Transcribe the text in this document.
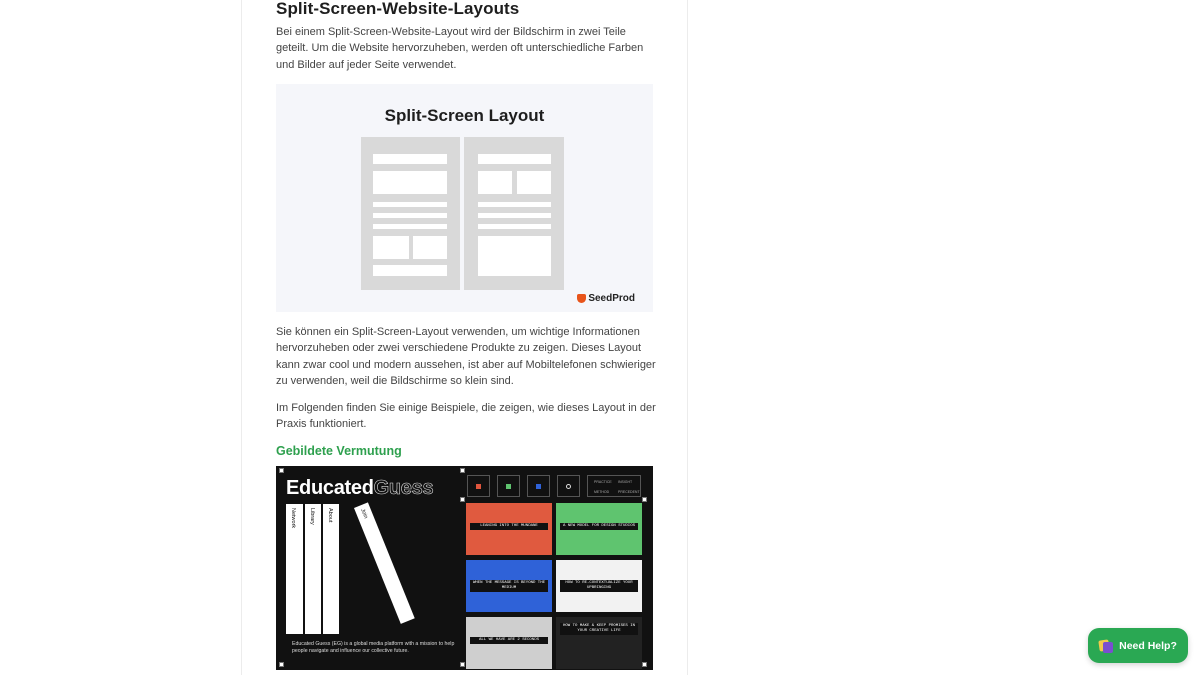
Split-Screen-Website-Layouts

Bei einem Split-Screen-Website-Layout wird der Bildschirm in zwei Teile geteilt. Um die Website hervorzuheben, werden oft unterschiedliche Farben und Bilder auf jeder Seite verwendet.

Split-Screen Layout
SeedProd

Sie können ein Split-Screen-Layout verwenden, um wichtige Informationen hervorzuheben oder zwei verschiedene Produkte zu zeigen. Dieses Layout kann zwar cool und modern aussehen, ist aber auf Mobiltelefonen schwieriger zu verwenden, weil die Bildschirme so klein sind.

Im Folgenden finden Sie einige Beispiele, die zeigen, wie dieses Layout in der Praxis funktioniert.

Gebildete Vermutung
EducatedGuess
Network Library About	Join
Educated Guess (EG) is a global media platform with a mission to help people navigate and influence our collective future.
PRACTICE INSIGHT
METHOD	PRECEDENT
LEANING INTO THE MUNDANE	A NEW MODEL FOR DESIGN STUDIOS
WHEN THE MESSAGE IS BEYOND THE MEDIUM
HOW TO RE-CONTEXTUALIZE YOUR UPBRINGING
ALL WE HAVE ARE 2 SECONDS
HOW TO MAKE & KEEP PROMISES IN YOUR CREATIVE LIFE
Need Help?
